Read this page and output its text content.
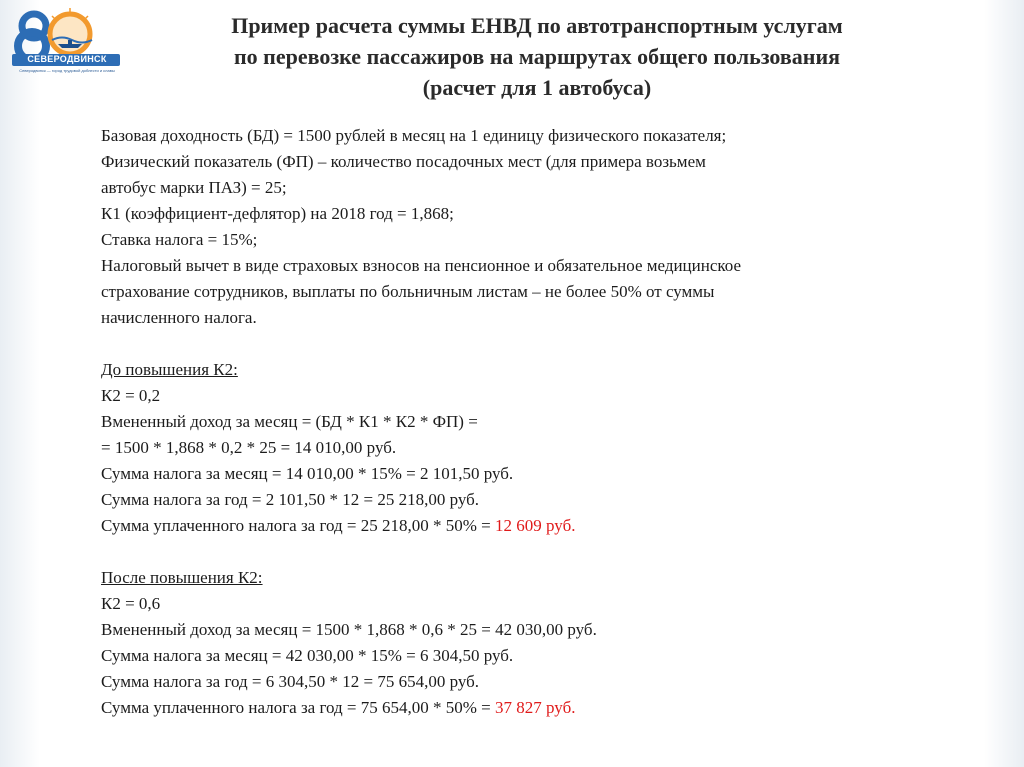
СЕВЕРОДВИНСК
Северодвинск — город трудовой доблести и славы
Пример расчета суммы ЕНВД по автотранспортным услугам
по перевозке пассажиров на маршрутах общего пользования
(расчет для 1 автобуса)
Базовая доходность (БД) = 1500 рублей в месяц на 1 единицу физического показателя;
Физический показатель (ФП) – количество посадочных мест (для примера возьмем
автобус марки ПАЗ) = 25;
К1 (коэффициент-дефлятор) на 2018 год = 1,868;
Ставка налога = 15%;
Налоговый вычет в виде страховых взносов на пенсионное и обязательное медицинское
страхование сотрудников, выплаты по больничным листам – не более 50% от суммы
начисленного налога.
До повышения К2:
К2 = 0,2
Вмененный доход за месяц = (БД * К1 * К2 * ФП) =
= 1500 * 1,868 * 0,2 * 25 = 14 010,00 руб.
Сумма налога за месяц = 14 010,00 * 15% = 2 101,50 руб.
Сумма налога за год = 2 101,50 * 12 = 25 218,00 руб.
Сумма уплаченного налога за год = 25 218,00 * 50% = 12 609 руб.
После повышения К2:
К2 = 0,6
Вмененный доход за месяц = 1500 * 1,868 * 0,6 * 25 = 42 030,00 руб.
Сумма налога за месяц = 42 030,00 * 15% = 6 304,50 руб.
Сумма налога за год = 6 304,50 * 12 = 75 654,00 руб.
Сумма уплаченного налога за год = 75 654,00 * 50% = 37 827 руб.
